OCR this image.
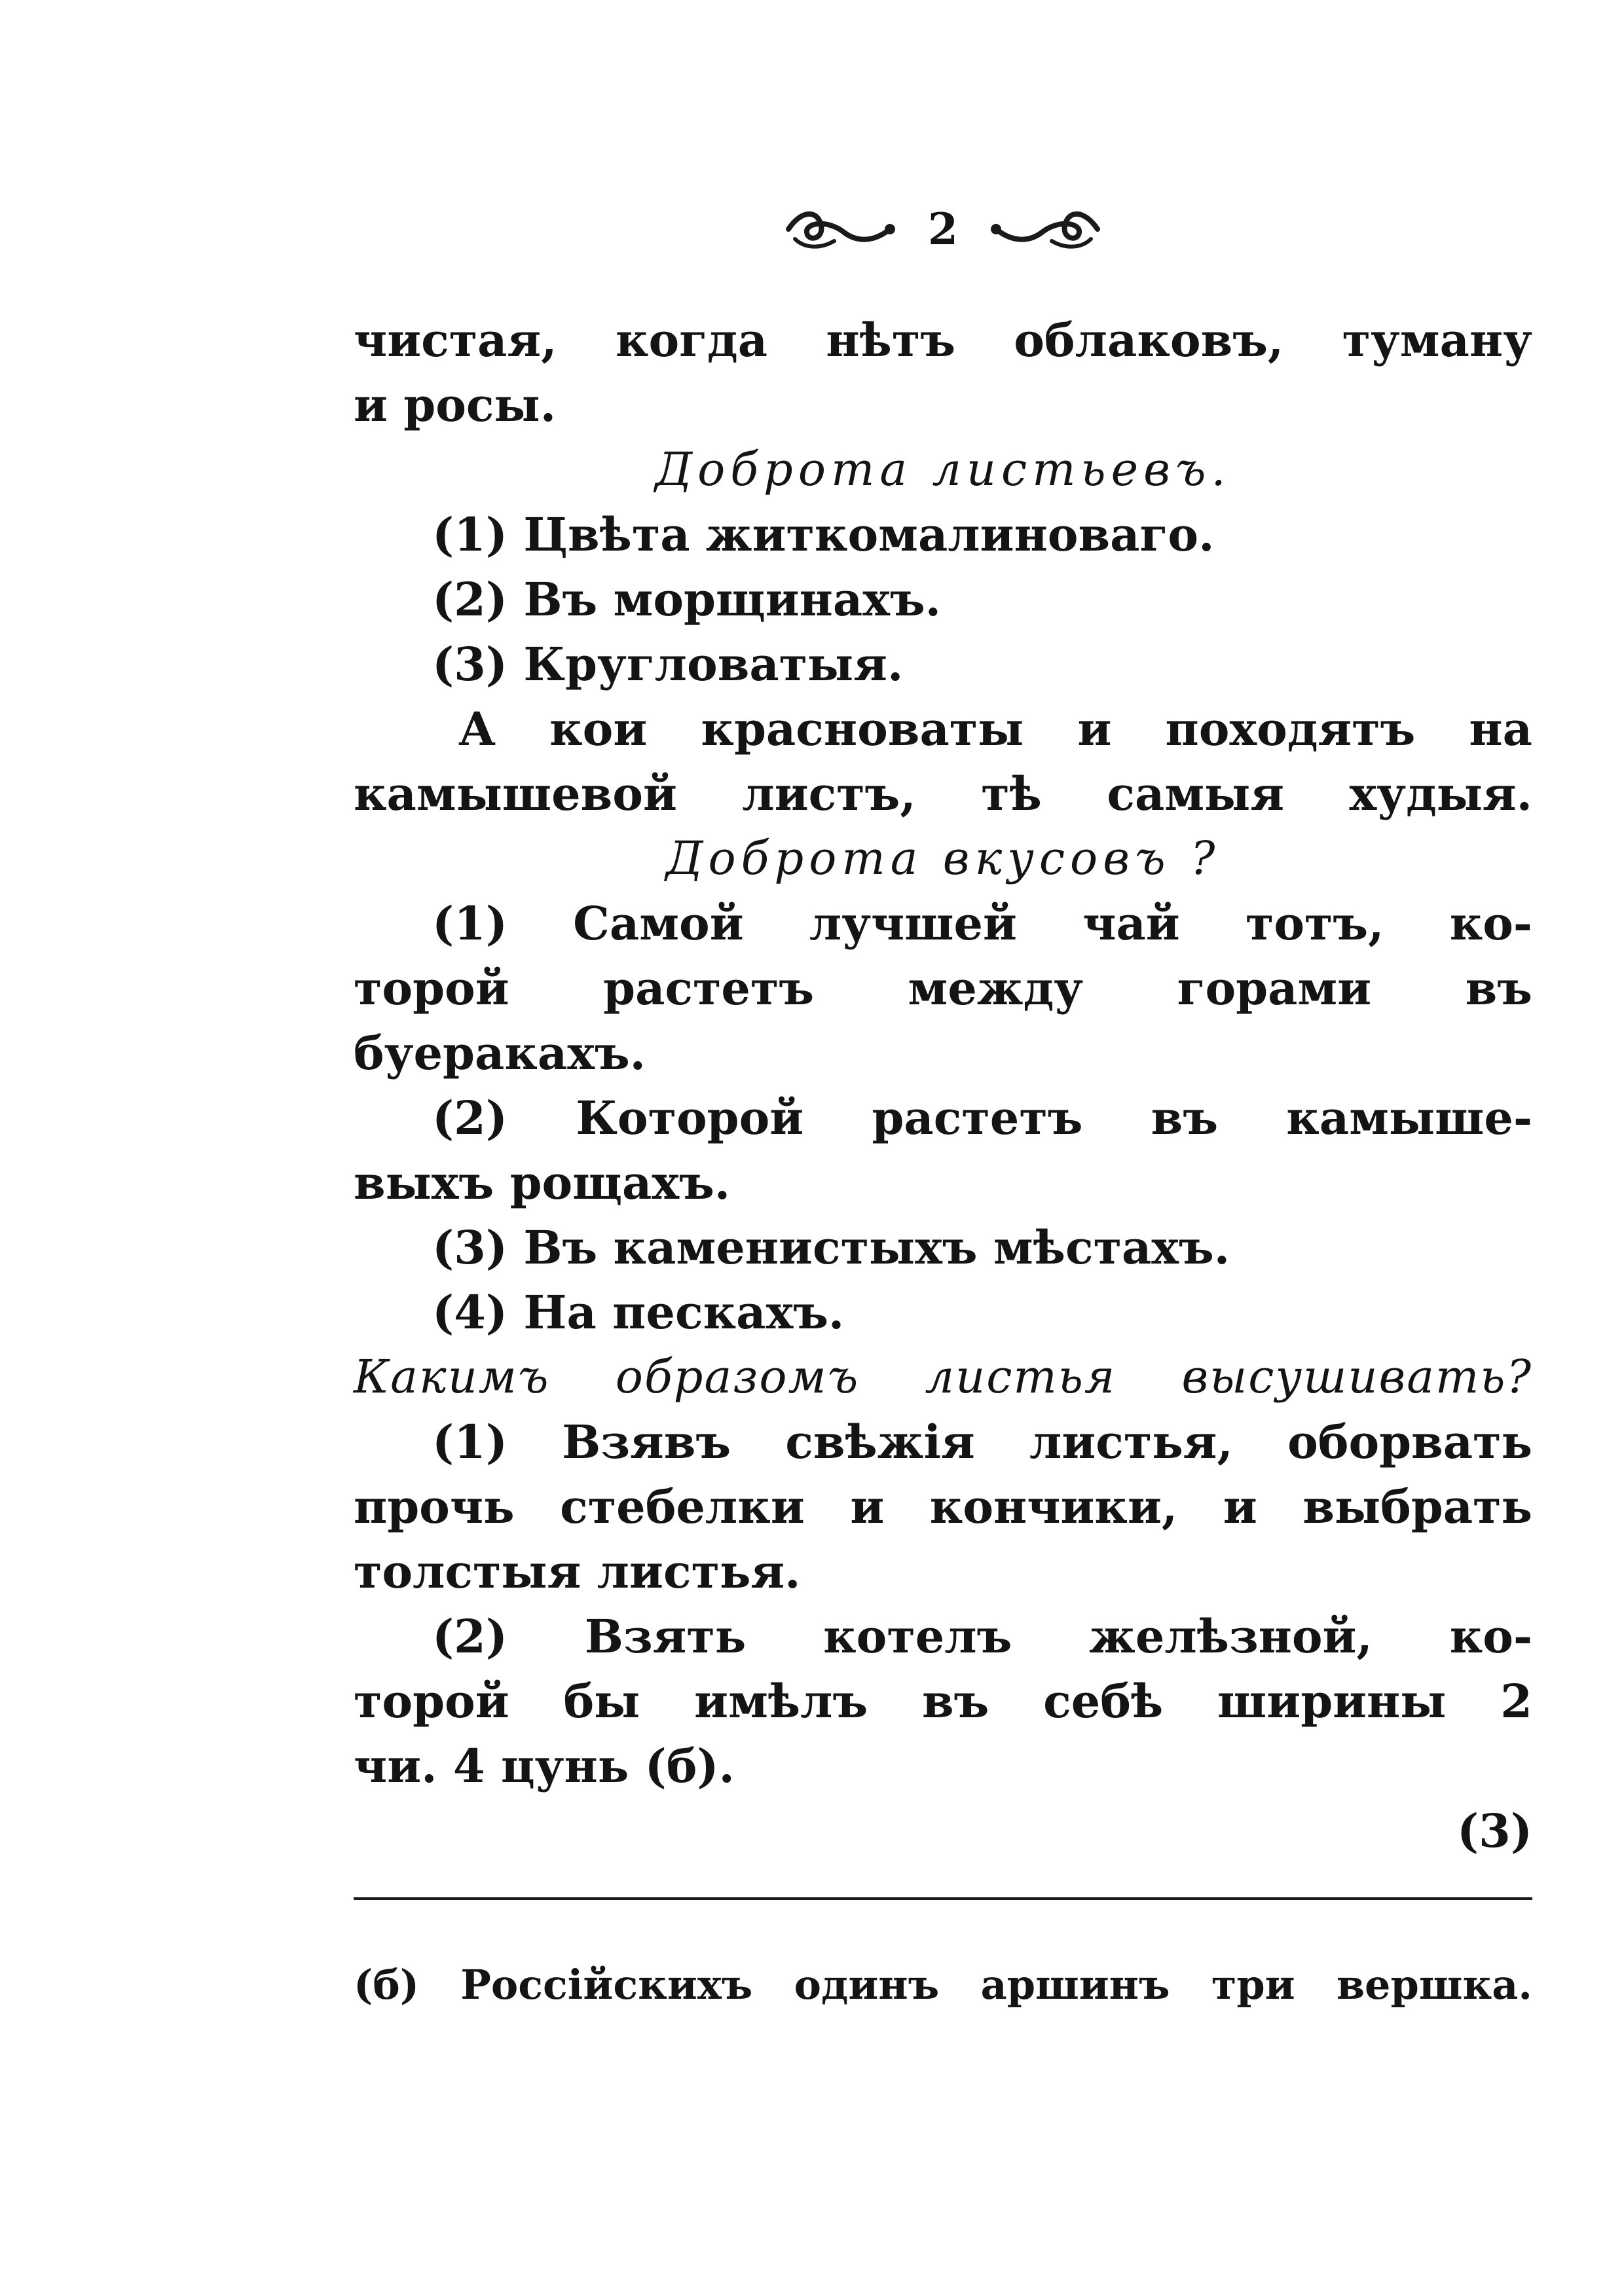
2

чистая, когда нѣтъ облаковъ, туману

и росы.

Доброта листьевъ.

(1) Цвѣта житкомалиноваго.

(2) Въ морщинахъ.

(3) Кругловатыя.

А кои красноваты и походятъ на

камышевой листъ, тѣ самыя худыя.

Доброта вкусовъ ?

(1) Самой лучшей чай тотъ, ко-

торой растетъ между горами въ

буеракахъ.

(2) Которой растетъ въ камыше-

выхъ рощахъ.

(3) Въ каменистыхъ мѣстахъ.

(4) На пескахъ.

Какимъ образомъ листья высушивать?

(1) Взявъ свѣжія листья, оборвать

прочь стебелки и кончики, и выбрать

толстыя листья.

(2) Взять котелъ желѣзной, ко-

торой бы имѣлъ въ себѣ ширины 2

чи. 4 цунь (б).

(3)

(б) Россійскихъ одинъ аршинъ три вершка.
